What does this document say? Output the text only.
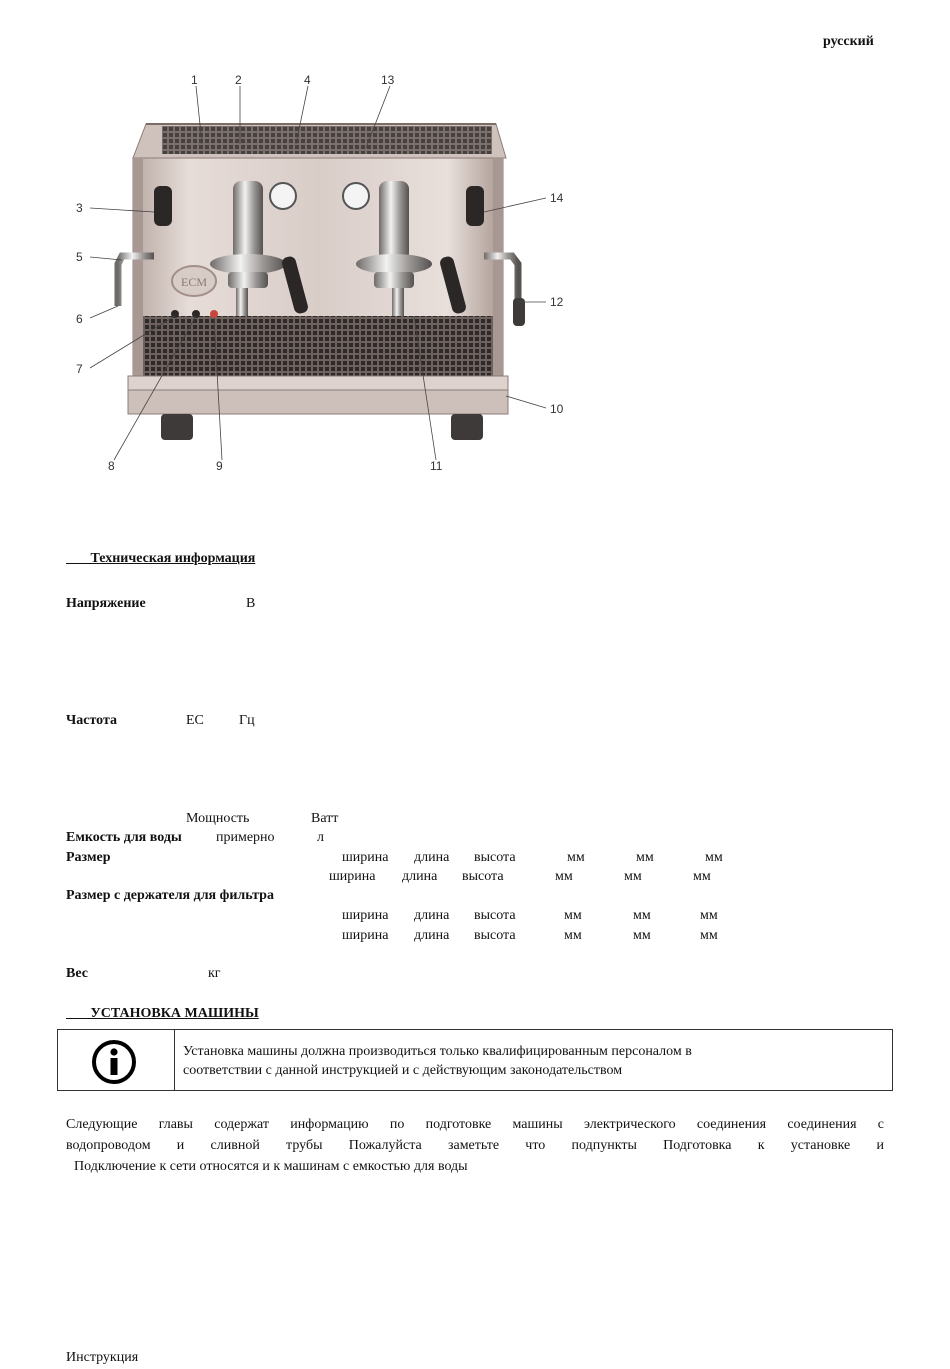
русский
ECM
1	2	4	13
3
14
5
12
6
7
10
8	9	11
Техническая информация
Напряжение	В
Частота	ЕС	Гц
Мощность	Ватт
Емкость для воды примерно	л
Размер	ширина длина высота	мм	мм	мм
ширина длина высота	мм	мм	мм
Размер с держателя для фильтра
ширина длина высота	мм	мм	мм
ширина длина высота	мм	мм	мм
Вес	кг
УСТАНОВКА МАШИНЫ
Установка машины должна производиться только квалифицированным персоналом в
соответствии с данной инструкцией и с действующим законодательством
Следующие главы содержат информацию по подготовке машины электрического соединения соединения с
водопроводом и сливной трубы Пожалуйста заметьте что подпункты Подготовка к установке и
Подключение к сети относятся и к машинам с емкостью для воды
Инструкция
